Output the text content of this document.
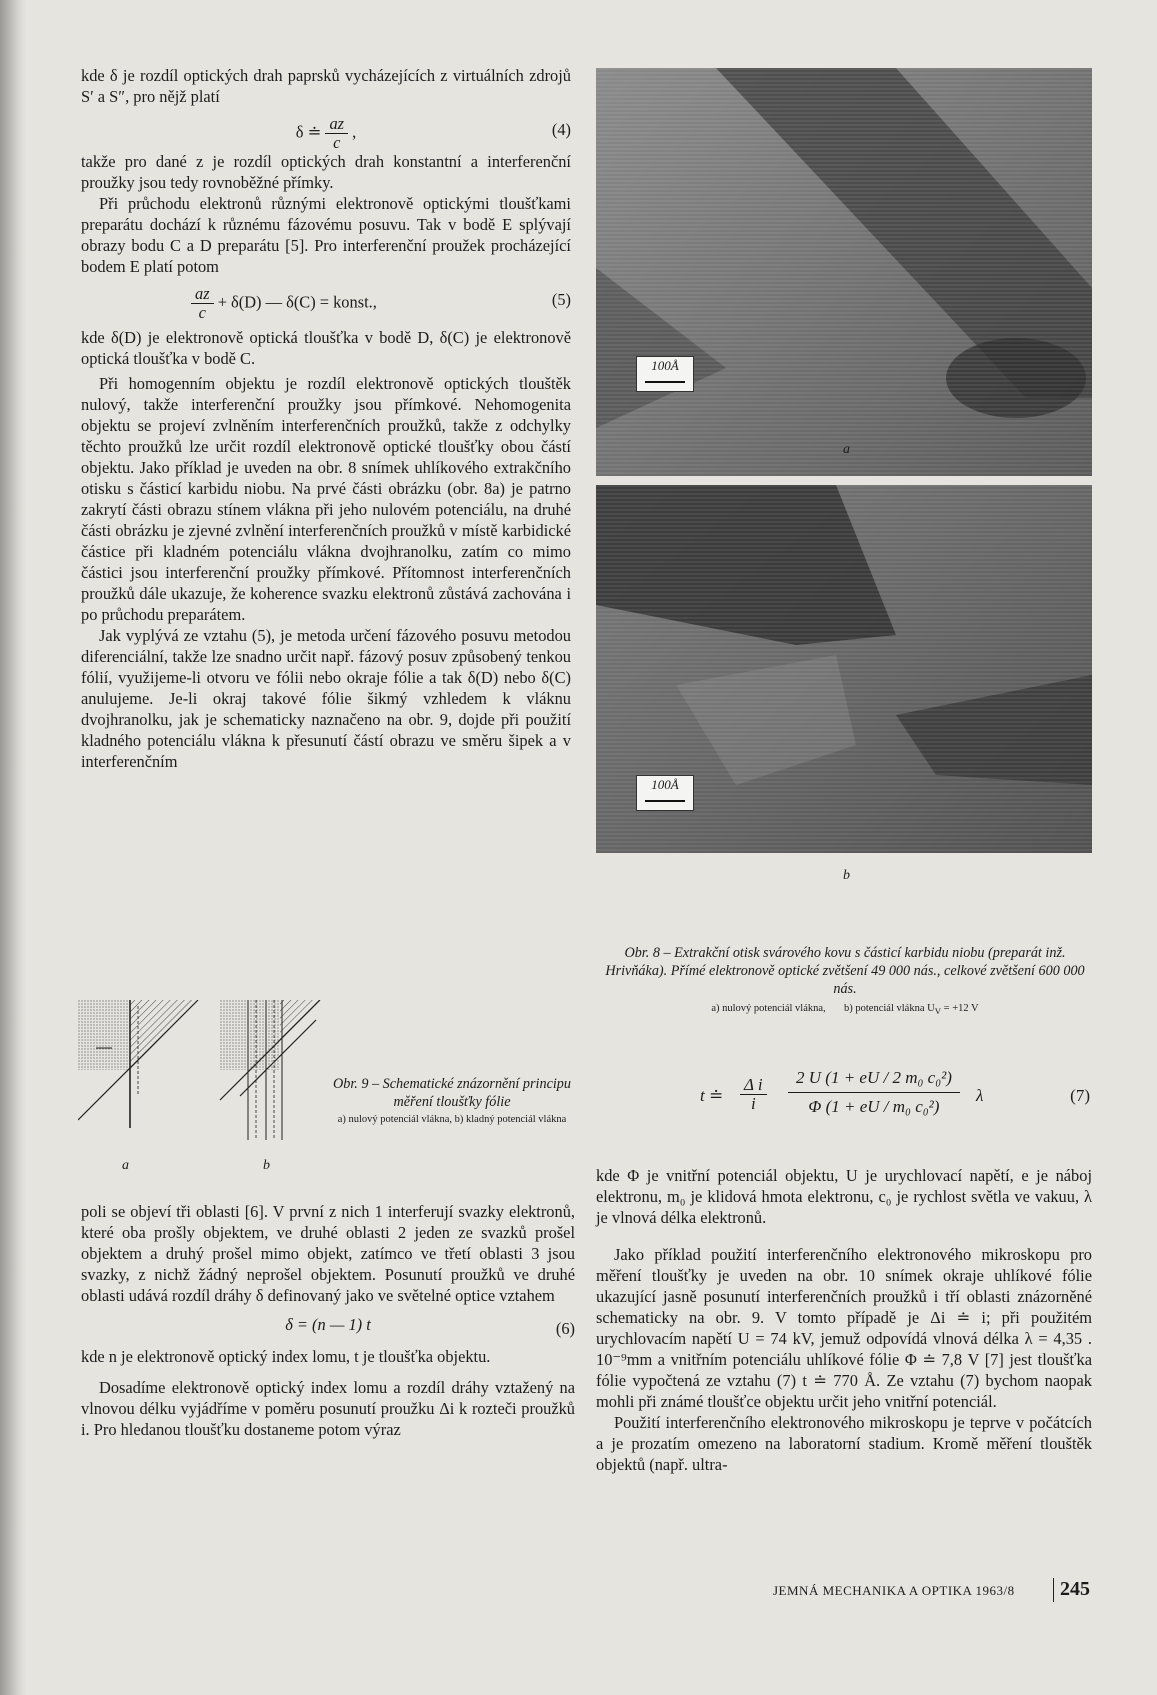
kde δ je rozdíl optických drah paprsků vycházejících z virtuálních zdrojů S′ a S″, pro nějž platí

δ ≐ $\frac{az}{c}$ ,	(4)

takže pro dané z je rozdíl optických drah konstantní a interferenční proužky jsou tedy rovnoběžné přímky.

Při průchodu elektronů různými elektronově optickými tloušťkami preparátu dochází k různému fázovému posuvu. Tak v bodě E splývají obrazy bodu C a D preparátu [5]. Pro interferenční proužek procházející bodem E platí potom

$\frac{az}{c} + \delta(D)$ — δ(C) = konst.,	(5)

kde δ(D) je elektronově optická tloušťka v bodě D, δ(C) je elektronově optická tloušťka v bodě C.

Při homogenním objektu je rozdíl elektronově optických tlouštěk nulový, takže interferenční proužky jsou přímkové. Nehomogenita objektu se projeví zvlněním interferenčních proužků, takže z odchylky těchto proužků lze určit rozdíl elektronově optické tloušťky obou částí objektu. Jako příklad je uveden na obr. 8 snímek uhlíkového extrakčního otisku s částicí karbidu niobu. Na prvé části obrázku (obr. 8a) je patrno zakrytí části obrazu stínem vlákna při jeho nulovém potenciálu, na druhé části obrázku je zjevné zvlnění interferenčních proužků v místě karbidické částice při kladném potenciálu vlákna dvojhranolku, zatím co mimo částici jsou interferenční proužky přímkové. Přítomnost interferenčních proužků dále ukazuje, že koherence svazku elektronů zůstává zachována i po průchodu preparátem.

Jak vyplývá ze vztahu (5), je metoda určení fázového posuvu metodou diferenciální, takže lze snadno určit např. fázový posuv způsobený tenkou fólií, využijeme-li otvoru ve fólii nebo okraje fólie a tak δ(D) nebo δ(C) anulujeme. Je-li okraj takové fólie šikmý vzhledem k vláknu dvojhranolku, jak je schematicky naznačeno na obr. 9, dojde při použití kladného potenciálu vlákna k přesunutí částí obrazu ve směru šipek a v interferenčním

a	b
Obr. 9 – Schematické znázornění principu měření tloušťky fólie
a) nulový potenciál vlákna, b) kladný potenciál vlákna

poli se objeví tři oblasti [6]. V první z nich 1 interferují svazky elektronů, které oba prošly objektem, ve druhé oblasti 2 jeden ze svazků prošel objektem a druhý prošel mimo objekt, zatímco ve třetí oblasti 3 jsou svazky, z nichž žádný neprošel objektem. Posunutí proužků ve druhé oblasti udává rozdíl dráhy δ definovaný jako ve světelné optice vztahem

δ = (n — 1) t	(6)

kde n je elektronově optický index lomu, t je tloušťka objektu.

Dosadíme elektronově optický index lomu a rozdíl dráhy vztažený na vlnovou délku vyjádříme v poměru posunutí proužku Δi k rozteči proužků i. Pro hledanou tloušťku dostaneme potom výraz

100Å
a
100Å
b
Obr. 8 – Extrakční otisk svárového kovu s částicí karbidu niobu (preparát inž. Hrivňáka). Přímé elektronově optické zvětšení 49 000 nás., celkové zvětšení 600 000 nás.
a) nulový potenciál vlákna, b) potenciál vlákna $U_V = +12$ V
t ≐ $\frac{\text{Δ i}}{i} \frac{\text{2 U (1 + eU / 2 m₀ c₀²)}}{\text{Φ (1 + eU / m₀ c₀²)}}$ λ	(7)

kde Φ je vnitřní potenciál objektu, U je urychlovací napětí, e je náboj elektronu, m₀ je klidová hmota elektronu, c₀ je rychlost světla ve vakuu, λ je vlnová délka elektronů.

Jako příklad použití interferenčního elektronového mikroskopu pro měření tloušťky je uveden na obr. 10 snímek okraje uhlíkové fólie ukazující jasně posunutí interferenčních proužků i tří oblasti znázorněné schematicky na obr. 9. V tomto případě je Δi ≐ i; při použitém urychlovacím napětí U = 74 kV, jemuž odpovídá vlnová délka λ = 4,35 . 10⁻⁹mm a vnitřním potenciálu uhlíkové fólie Φ ≐ 7,8 V [7] jest tloušťka fólie vypočtená ze vztahu (7) t ≐ 770 Å. Ze vztahu (7) bychom naopak mohli při známé tloušťce objektu určit jeho vnitřní potenciál.

Použití interferenčního elektronového mikroskopu je teprve v počátcích a je prozatím omezeno na laboratorní stadium. Kromě měření tlouštěk objektů (např. ultra-

JEMNÁ MECHANIKA A OPTIKA 1963/8 245
